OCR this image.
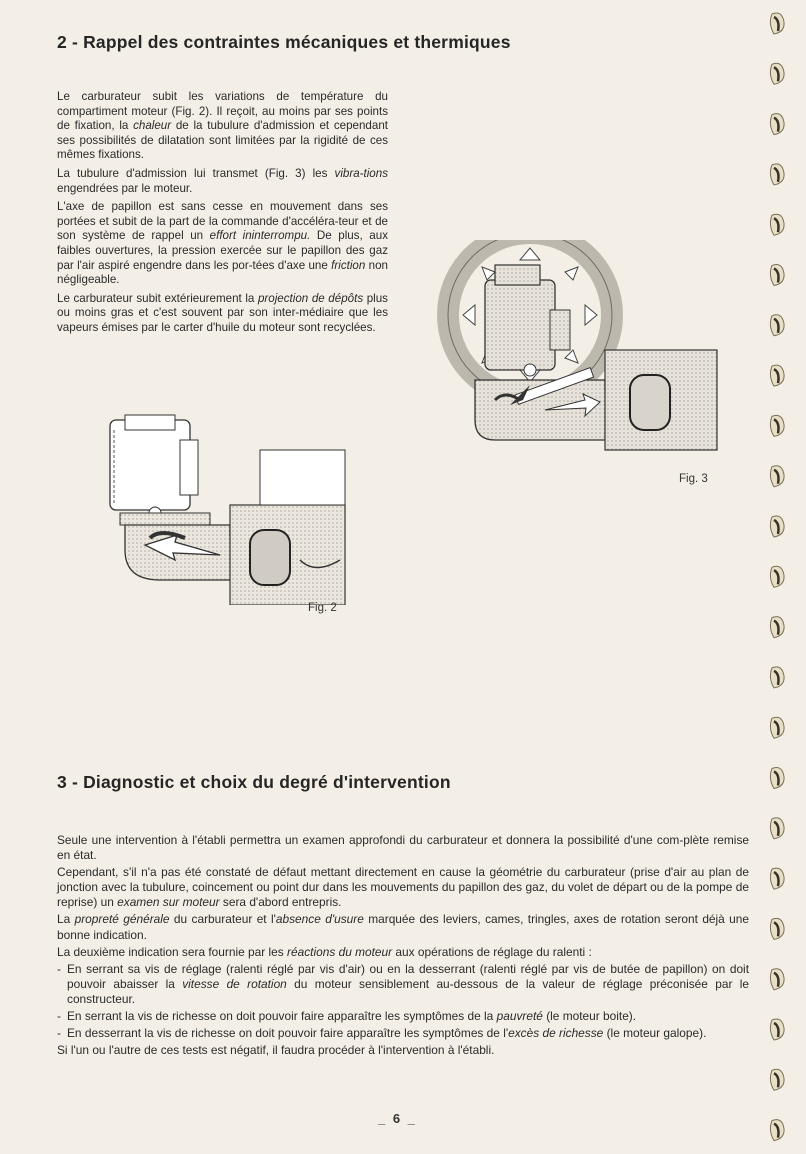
2 - Rappel des contraintes mécaniques et thermiques

Le carburateur subit les variations de température du compartiment moteur (Fig. 2). Il reçoit, au moins par ses points de fixation, la chaleur de la tubulure d'admission et cependant ses possibilités de dilatation sont limitées par la rigidité de ces mêmes fixations.

La tubulure d'admission lui transmet (Fig. 3) les vibra-tions engendrées par le moteur.

L'axe de papillon est sans cesse en mouvement dans ses portées et subit de la part de la commande d'accéléra-teur et de son système de rappel un effort ininterrompu. De plus, aux faibles ouvertures, la pression exercée sur le papillon des gaz par l'air aspiré engendre dans les por-tées d'axe une friction non négligeable.

Le carburateur subit extérieurement la projection de dépôts plus ou moins gras et c'est souvent par son inter-médiaire que les vapeurs émises par le carter d'huile du moteur sont recyclées.

Fig. 3
Fig. 2
3 - Diagnostic et choix du degré d'intervention

Seule une intervention à l'établi permettra un examen approfondi du carburateur et donnera la possibilité d'une com-plète remise en état.

Cependant, s'il n'a pas été constaté de défaut mettant directement en cause la géométrie du carburateur (prise d'air au plan de jonction avec la tubulure, coincement ou point dur dans les mouvements du papillon des gaz, du volet de départ ou de la pompe de reprise) un examen sur moteur sera d'abord entrepris.

La propreté générale du carburateur et l'absence d'usure marquée des leviers, cames, tringles, axes de rotation seront déjà une bonne indication.

La deuxième indication sera fournie par les réactions du moteur aux opérations de réglage du ralenti :

- En serrant sa vis de réglage (ralenti réglé par vis d'air) ou en la desserrant (ralenti réglé par vis de butée de papillon) on doit pouvoir abaisser la vitesse de rotation du moteur sensiblement au-dessous de la valeur de réglage préconisée par le constructeur.

- En serrant la vis de richesse on doit pouvoir faire apparaître les symptômes de la pauvreté (le moteur boite).

- En desserrant la vis de richesse on doit pouvoir faire apparaître les symptômes de l'excès de richesse (le moteur galope).

Si l'un ou l'autre de ces tests est négatif, il faudra procéder à l'intervention à l'établi.

_ 6 _
